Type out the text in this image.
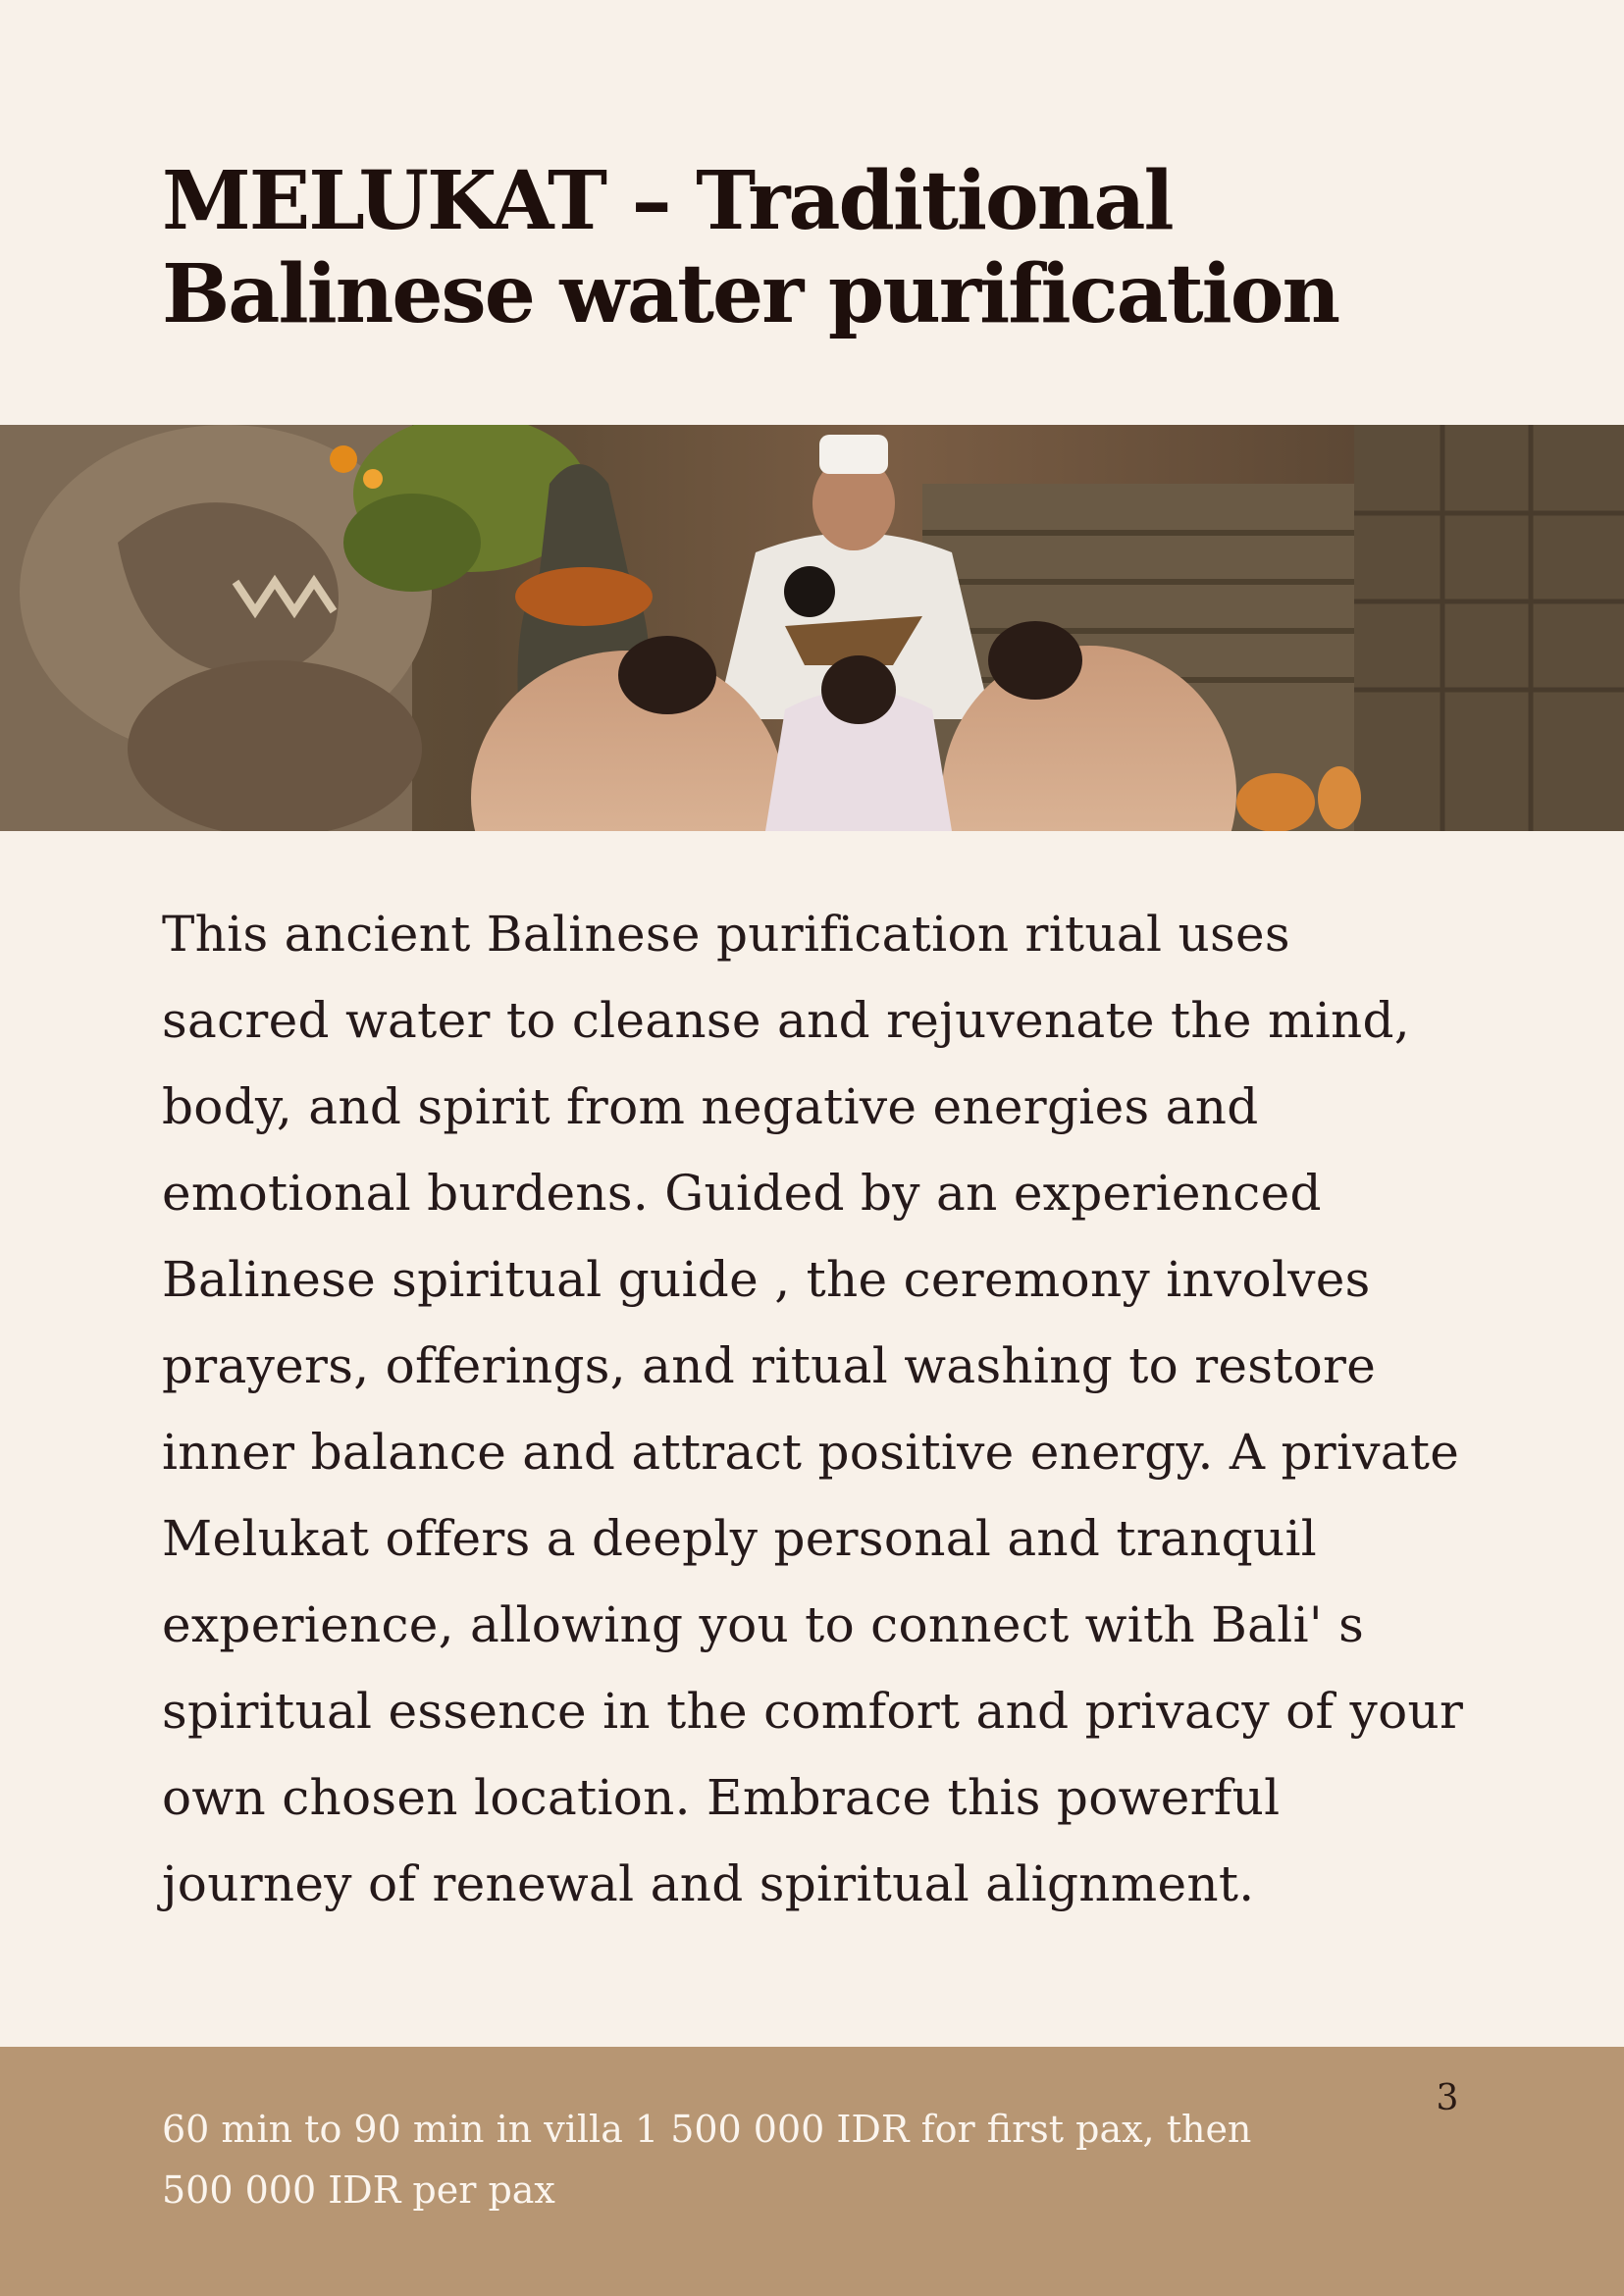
MELUKAT – Traditional Balinese water purification

This ancient Balinese purification ritual uses
sacred water to cleanse and rejuvenate the mind,
body, and spirit from negative energies and
emotional burdens. Guided by an experienced
Balinese spiritual guide , the ceremony involves
prayers, offerings, and ritual washing to restore
inner balance and attract positive energy. A private
Melukat offers a deeply personal and tranquil
experience, allowing you to connect with Bali' s
spiritual essence in the comfort and privacy of your
own chosen location. Embrace this powerful
journey of renewal and spiritual alignment.

60 min to 90 min in villa 1 500 000 IDR for first pax, then
500 000 IDR per pax

3
